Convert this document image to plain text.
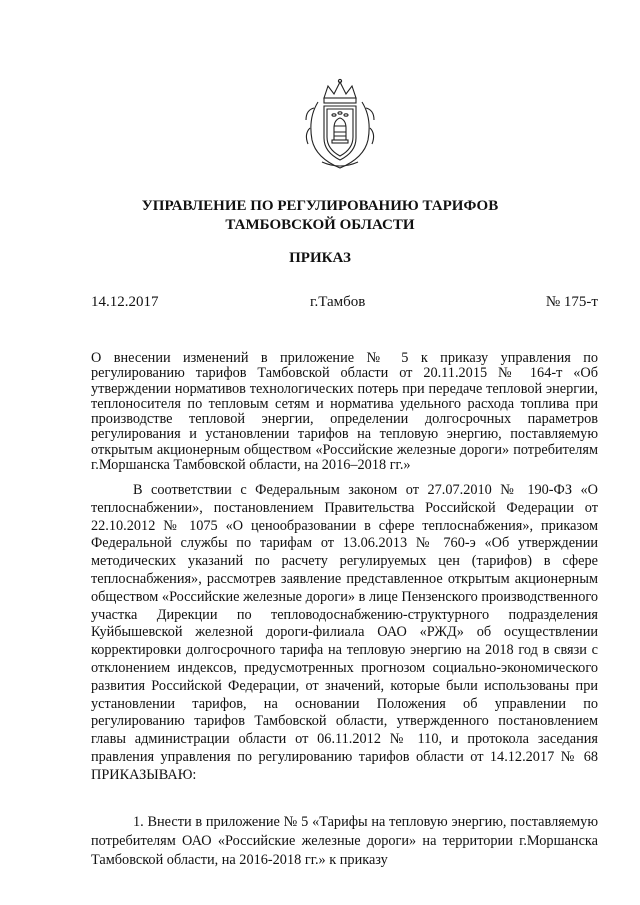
УПРАВЛЕНИЕ ПО РЕГУЛИРОВАНИЮ ТАРИФОВ
ТАМБОВСКОЙ ОБЛАСТИ
ПРИКАЗ
14.12.2017	г.Тамбов	№ 175-т
О внесении изменений в приложение № 5 к приказу управления по регулированию тарифов Тамбовской области от 20.11.2015 № 164-т «Об утверждении нормативов технологических потерь при передаче тепловой энергии, теплоносителя по тепловым сетям и норматива удельного расхода топлива при производстве тепловой энергии, определении долгосрочных параметров регулирования и установлении тарифов на тепловую энергию, поставляемую открытым акционерным обществом «Российские железные дороги» потребителям г.Моршанска Тамбовской области, на 2016–2018 гг.»

В соответствии с Федеральным законом от 27.07.2010 № 190-ФЗ «О теплоснабжении», постановлением Правительства Российской Федерации от 22.10.2012 № 1075 «О ценообразовании в сфере теплоснабжения», приказом Федеральной службы по тарифам от 13.06.2013 № 760-э «Об утверждении методических указаний по расчету регулируемых цен (тарифов) в сфере теплоснабжения», рассмотрев заявление представленное открытым акционерным обществом «Российские железные дороги» в лице Пензенского производственного участка Дирекции по тепловодоснабжению-структурного подразделения Куйбышевской железной дороги-филиала ОАО «РЖД» об осуществлении корректировки долгосрочного тарифа на тепловую энергию на 2018 год в связи с отклонением индексов, предусмотренных прогнозом социально-экономического развития Российской Федерации, от значений, которые были использованы при установлении тарифов, на основании Положения об управлении по регулированию тарифов Тамбовской области, утвержденного постановлением главы администрации области от 06.11.2012 № 110, и протокола заседания правления управления по регулированию тарифов области от 14.12.2017 № 68 ПРИКАЗЫВАЮ:

1. Внести в приложение № 5 «Тарифы на тепловую энергию, поставляемую потребителям ОАО «Российские железные дороги» на территории г.Моршанска Тамбовской области, на 2016-2018 гг.» к приказу
